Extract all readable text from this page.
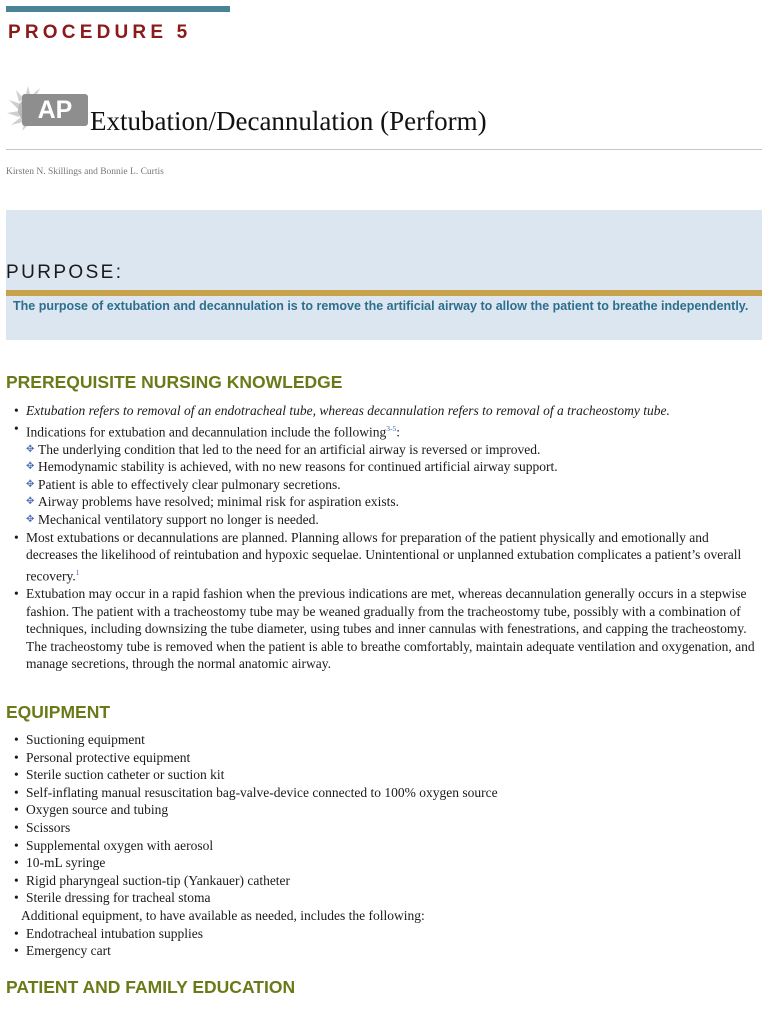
PROCEDURE 5
AP Extubation/Decannulation (Perform)
Kirsten N. Skillings and Bonnie L. Curtis
PURPOSE:
The purpose of extubation and decannulation is to remove the artificial airway to allow the patient to breathe independently.
PREREQUISITE NURSING KNOWLEDGE
• Extubation refers to removal of an endotracheal tube, whereas decannulation refers to removal of a tracheostomy tube.
• Indications for extubation and decannulation include the following$^{3-5}$:
✥ The underlying condition that led to the need for an artificial airway is reversed or improved.
✥ Hemodynamic stability is achieved, with no new reasons for continued artificial airway support.
✥ Patient is able to effectively clear pulmonary secretions.
✥ Airway problems have resolved; minimal risk for aspiration exists.
✥ Mechanical ventilatory support no longer is needed.
• Most extubations or decannulations are planned. Planning allows for preparation of the patient physically and emotionally and decreases the likelihood of reintubation and hypoxic sequelae. Unintentional or unplanned extubation complicates a patient’s overall recovery.$^1$
• Extubation may occur in a rapid fashion when the previous indications are met, whereas decannulation generally occurs in a stepwise fashion. The patient with a tracheostomy tube may be weaned gradually from the tracheostomy tube, possibly with a combination of techniques, including downsizing the tube diameter, using tubes and inner cannulas with fenestrations, and capping the tracheostomy. The tracheostomy tube is removed when the patient is able to breathe comfortably, maintain adequate ventilation and oxygenation, and manage secretions, through the normal anatomic airway.
EQUIPMENT
• Suctioning equipment
• Personal protective equipment
• Sterile suction catheter or suction kit
• Self-inflating manual resuscitation bag-valve-device connected to 100% oxygen source
• Oxygen source and tubing
• Scissors
• Supplemental oxygen with aerosol
• 10-mL syringe
• Rigid pharyngeal suction-tip (Yankauer) catheter
• Sterile dressing for tracheal stoma
Additional equipment, to have available as needed, includes the following:
• Endotracheal intubation supplies
• Emergency cart
PATIENT AND FAMILY EDUCATION
